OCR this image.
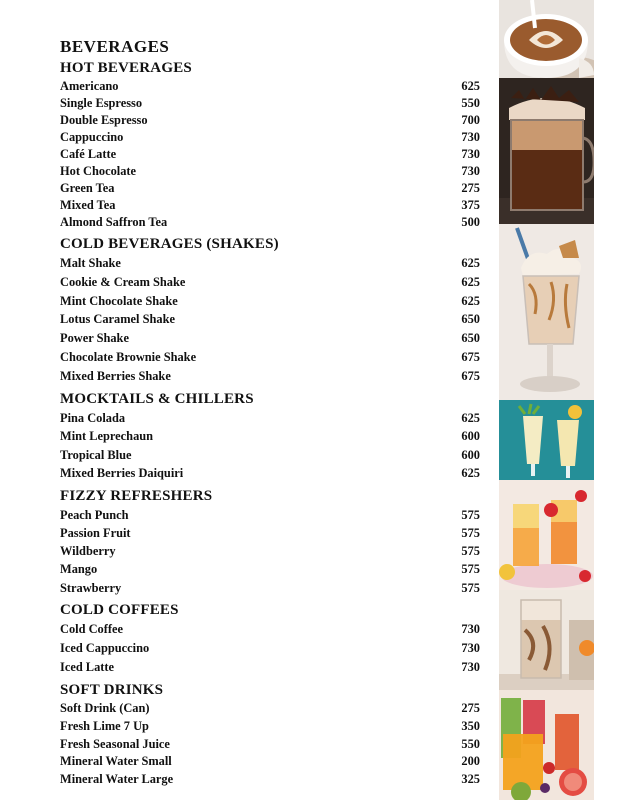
BEVERAGES
HOT BEVERAGES
Americano	625
Single Espresso	550
Double Espresso	700
Cappuccino	730
Café Latte	730
Hot Chocolate	730
Green Tea	275
Mixed Tea	375
Almond Saffron Tea	500
COLD BEVERAGES (SHAKES)
Malt Shake	625
Cookie & Cream Shake	625
Mint Chocolate Shake	625
Lotus Caramel Shake	650
Power Shake	650
Chocolate Brownie Shake	675
Mixed Berries Shake	675
MOCKTAILS & CHILLERS
Pina Colada	625
Mint Leprechaun	600
Tropical Blue	600
Mixed Berries Daiquiri	625
FIZZY REFRESHERS
Peach Punch	575
Passion Fruit	575
Wildberry	575
Mango	575
Strawberry	575
COLD COFFEES
Cold Coffee	730
Iced Cappuccino	730
Iced Latte	730
SOFT DRINKS
Soft Drink (Can)	275
Fresh Lime 7 Up	350
Fresh Seasonal Juice	550
Mineral Water Small	200
Mineral Water Large	325
